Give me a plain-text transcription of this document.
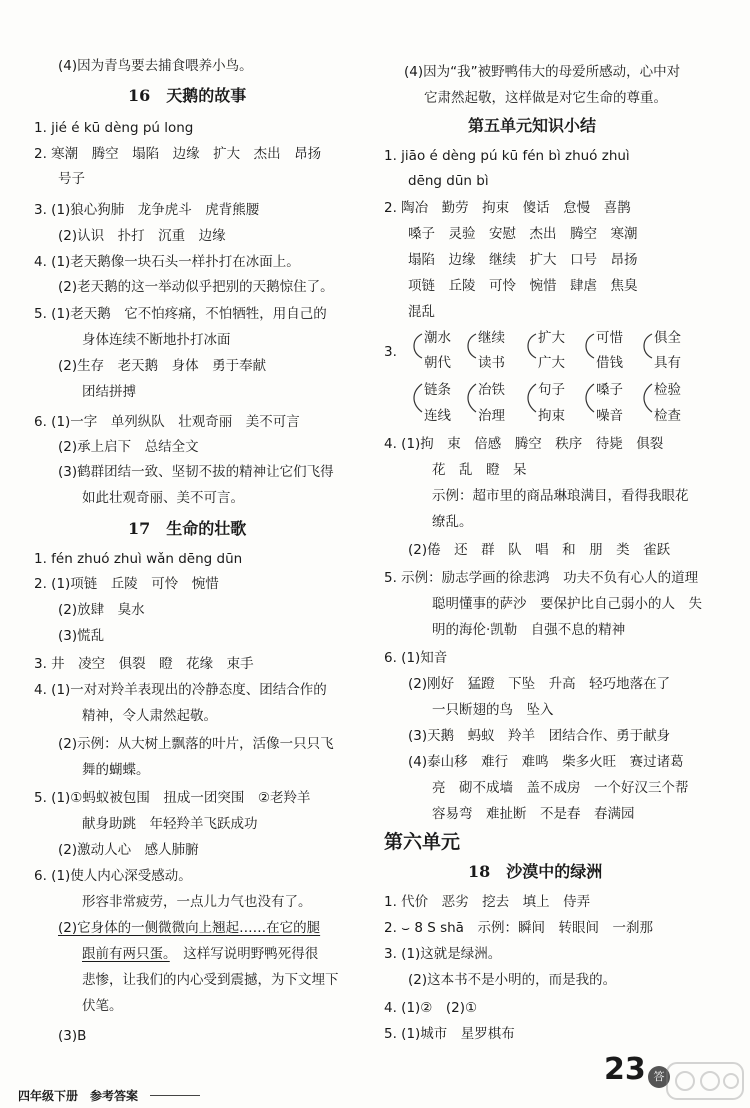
(4)因为青鸟要去捕食喂养小鸟。
16　天鹅的故事
1. jié é kū dèng pú long
2. 寒潮　腾空　塌陷　边缘　扩大　杰出　昂扬
号子
3. (1)狼心狗肺　龙争虎斗　虎背熊腰
(2)认识　扑打　沉重　边缘
4. (1)老天鹅像一块石头一样扑打在冰面上。
(2)老天鹅的这一举动似乎把别的天鹅惊住了。
5. (1)老天鹅　它不怕疼痛，不怕牺牲，用自己的
身体连续不断地扑打冰面
(2)生存　老天鹅　身体　勇于奉献
团结拼搏
6. (1)一字　单列纵队　壮观奇丽　美不可言
(2)承上启下　总结全文
(3)鹤群团结一致、坚韧不拔的精神让它们飞得
如此壮观奇丽、美不可言。
17　生命的壮歌
1. fén zhuó zhuì wǎn dēng dūn
2. (1)项链　丘陵　可怜　惋惜
(2)放肆　臭水
(3)慌乱
3. 井　凌空　俱裂　瞪　花缘　束手
4. (1)一对对羚羊表现出的冷静态度、团结合作的
精神，令人肃然起敬。
(2)示例：从大树上飘落的叶片，活像一只只飞
舞的蝴蝶。
5. (1)①蚂蚁被包围　扭成一团突围　②老羚羊
献身助跳　年轻羚羊飞跃成功
(2)激动人心　感人肺腑
6. (1)使人内心深受感动。
形容非常疲劳，一点儿力气也没有了。
(2)它身体的一侧微微向上翘起……在它的腿
跟前有两只蛋。　这样写说明野鸭死得很
悲惨，让我们的内心受到震撼，为下文埋下
伏笔。
(3)B
(4)因为“我”被野鸭伟大的母爱所感动，心中对
它肃然起敬，这样做是对它生命的尊重。
第五单元知识小结
1. jiāo é dèng pú kū fén bì zhuó zhuì
dēng dūn bì
2. 陶冶　勤劳　拘束　傻话　怠慢　喜鹊
嗓子　灵验　安慰　杰出　腾空　寒潮
塌陷　边缘　继续　扩大　口号　昂扬
项链　丘陵　可怜　惋惜　肆虐　焦臭
混乱
3.
潮水
朝代
链条
连线
继续
读书
冶铁
治理
扩大
广大
句子
拘束
可惜
借钱
嗓子
噪音
俱全
具有
检验
检查
4. (1)拘　束　倍感　腾空　秩序　待毙　俱裂
花　乱　瞪　呆
示例：超市里的商品琳琅满目，看得我眼花
缭乱。
(2)倦　还　群　队　唱　和　朋　类　雀跃
5. 示例：励志学画的徐悲鸿　功夫不负有心人的道理
聪明懂事的萨沙　要保护比自己弱小的人　失
明的海伦·凯勒　自强不息的精神
6. (1)知音
(2)刚好　猛蹬　下坠　升高　轻巧地落在了
一只断翅的鸟　坠入
(3)天鹅　蚂蚁　羚羊　团结合作、勇于献身
(4)泰山移　难行　难鸣　柴多火旺　赛过诸葛
亮　砌不成墙　盖不成房　一个好汉三个帮
容易弯　难扯断　不是春　春满园
第六单元
18　沙漠中的绿洲
1. 代价　恶劣　挖去　填上　侍弄
2. ⌣ 8 S shā　示例：瞬间　转眼间　一刹那
3. (1)这就是绿洲。
(2)这本书不是小明的，而是我的。
4. (1)②　(2)①
5. (1)城市　星罗棋布
四年级下册　参考答案
23 答
